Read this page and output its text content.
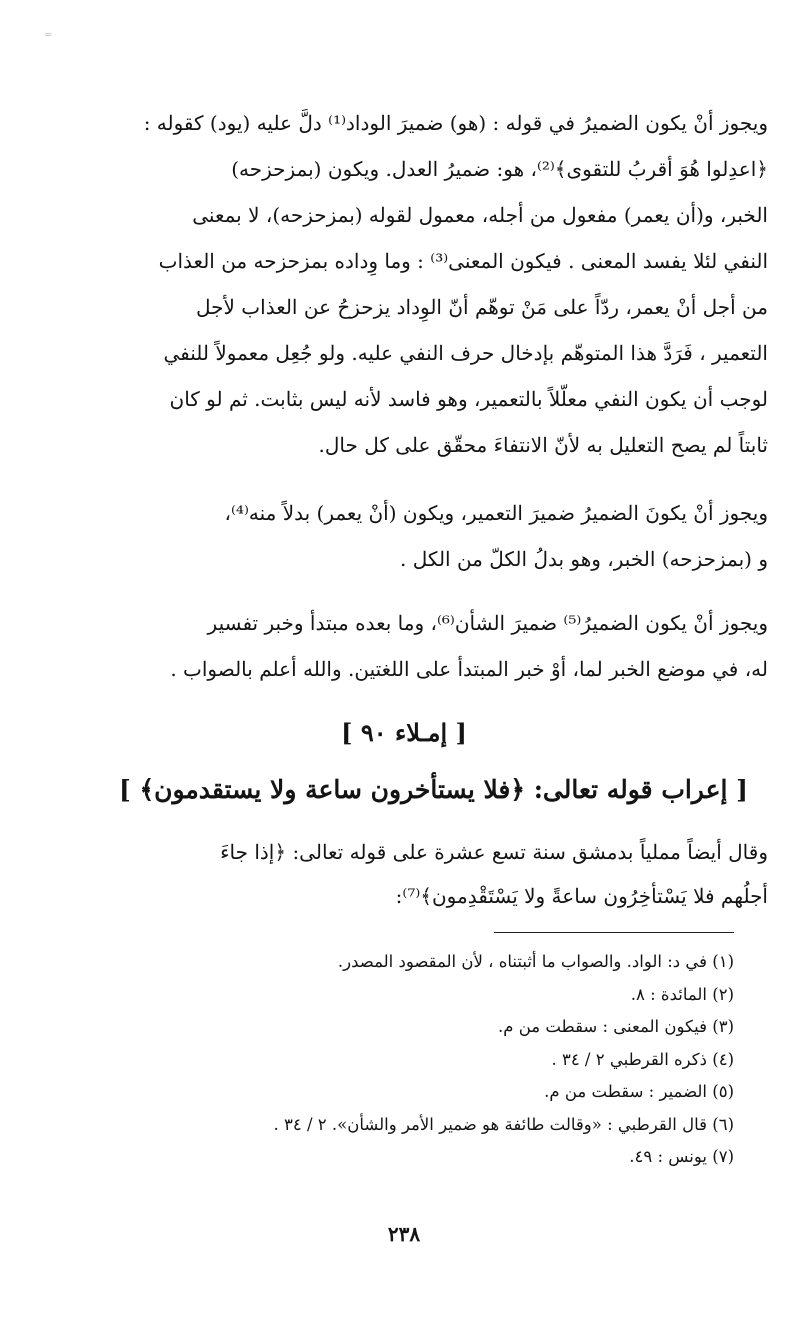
=
ويجوز أنْ يكون الضميرُ في قوله : (هو) ضميرَ الوداد⁽¹⁾ دلَّ عليه (يود) كقوله :
﴿اعدِلوا هُوَ أقربُ للتقوى﴾⁽²⁾، هو: ضميرُ العدل. ويكون (بمزحزحه)
الخبر، و(أن يعمر) مفعول من أجله، معمول لقوله (بمزحزحه)، لا بمعنى
النفي لئلا يفسد المعنى . فيكون المعنى⁽³⁾ : وما وِداده بمزحزحه من العذاب
من أجل أنْ يعمر، ردّاً على مَنْ توهّم أنّ الوِداد يزحزحُ عن العذاب لأجل
التعمير ، فَرَدَّ هذا المتوهّم بإدخال حرف النفي عليه. ولو جُعِل معمولاً للنفي
لوجب أن يكون النفي معلّلاً بالتعمير، وهو فاسد لأنه ليس بثابت. ثم لو كان
ثابتاً لم يصح التعليل به لأنّ الانتفاءَ محقّق على كل حال.
ويجوز أنْ يكونَ الضميرُ ضميرَ التعمير، ويكون (أنْ يعمر) بدلاً منه⁽⁴⁾،
و (بمزحزحه) الخبر، وهو بدلُ الكلّ من الكل .
ويجوز أنْ يكون الضميرُ⁽⁵⁾ ضميرَ الشأن⁽⁶⁾، وما بعده مبتدأ وخبر تفسير
له، في موضع الخبر لما، أوْ خبر المبتدأ على اللغتين. والله أعلم بالصواب .
[ إمـلاء ٩٠ ]
[ إعراب قوله تعالى: ﴿فلا يستأخرون ساعة ولا يستقدمون﴾ ]
وقال أيضاً مملياً بدمشق سنة تسع عشرة على قوله تعالى: ﴿إذا جاءَ
أجلُهم فلا يَسْتأخِرُون ساعةً ولا يَسْتَقْدِمون﴾⁽⁷⁾:
(١) في د: الواد. والصواب ما أثبتناه ، لأن المقصود المصدر.
(٢) المائدة : ٨.
(٣) فيكون المعنى : سقطت من م.
(٤) ذكره القرطبي ٢ / ٣٤ .
(٥) الضمير : سقطت من م.
(٦) قال القرطبي : «وقالت طائفة هو ضمير الأمر والشأن». ٢ / ٣٤ .
(٧) يونس : ٤٩.
٢٣٨
